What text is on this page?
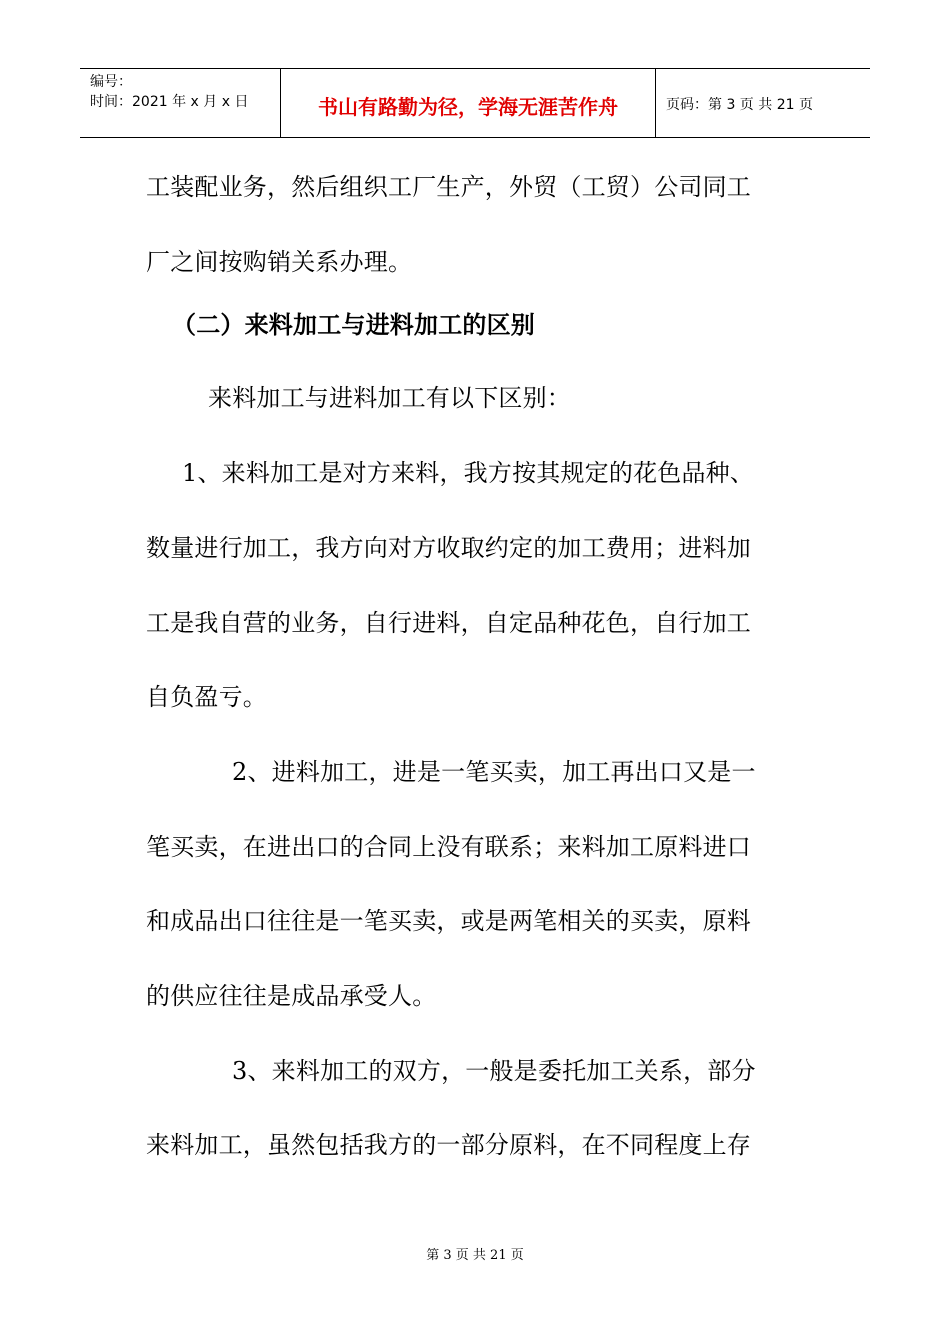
编号：
时间：2021 年 x 月 x 日	书山有路勤为径，学海无涯苦作舟	页码：第 3 页 共 21 页
工装配业务，然后组织工厂生产，外贸（工贸）公司同工
厂之间按购销关系办理。
（二）来料加工与进料加工的区别
来料加工与进料加工有以下区别：
1、来料加工是对方来料，我方按其规定的花色品种、
数量进行加工，我方向对方收取约定的加工费用；进料加
工是我自营的业务，自行进料，自定品种花色，自行加工
自负盈亏。
2、进料加工，进是一笔买卖，加工再出口又是一
笔买卖，在进出口的合同上没有联系；来料加工原料进口
和成品出口往往是一笔买卖，或是两笔相关的买卖，原料
的供应往往是成品承受人。
3、来料加工的双方，一般是委托加工关系，部分
来料加工，虽然包括我方的一部分原料，在不同程度上存
第 3 页 共 21 页
